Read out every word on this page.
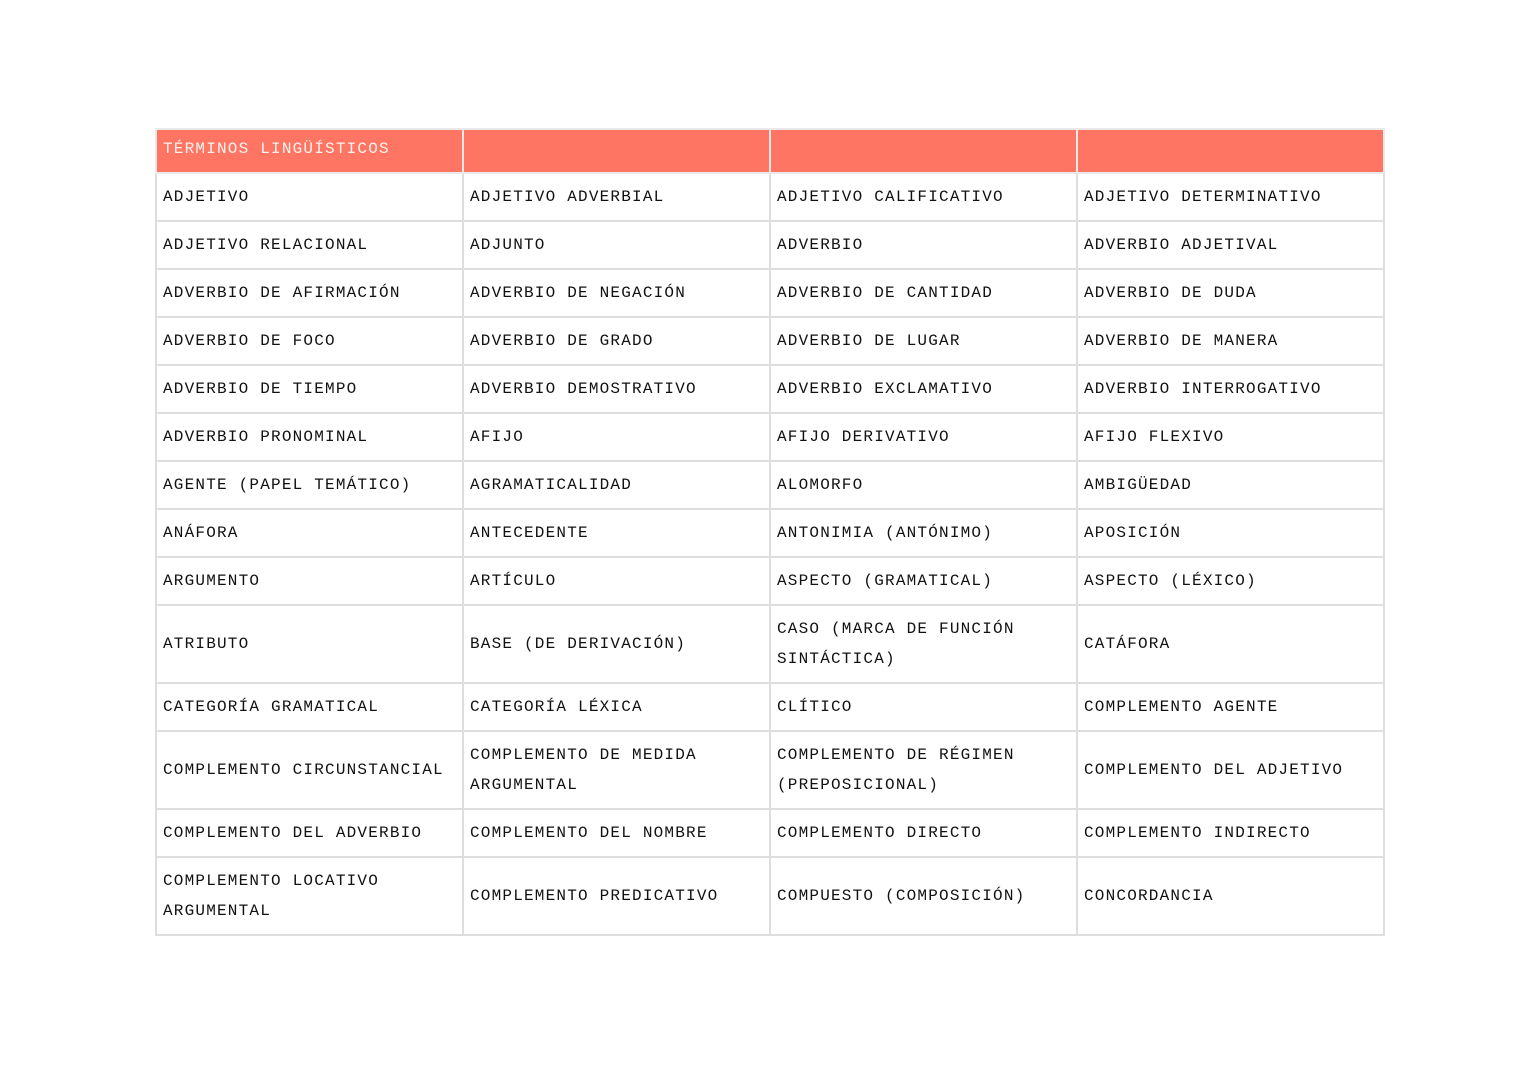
TÉRMINOS LINGÜÍSTICOS			
ADJETIVO	ADJETIVO ADVERBIAL	ADJETIVO CALIFICATIVO	ADJETIVO DETERMINATIVO
ADJETIVO RELACIONAL	ADJUNTO	ADVERBIO	ADVERBIO ADJETIVAL
ADVERBIO DE AFIRMACIÓN	ADVERBIO DE NEGACIÓN	ADVERBIO DE CANTIDAD	ADVERBIO DE DUDA
ADVERBIO DE FOCO	ADVERBIO DE GRADO	ADVERBIO DE LUGAR	ADVERBIO DE MANERA
ADVERBIO DE TIEMPO	ADVERBIO DEMOSTRATIVO	ADVERBIO EXCLAMATIVO	ADVERBIO INTERROGATIVO
ADVERBIO PRONOMINAL	AFIJO	AFIJO DERIVATIVO	AFIJO FLEXIVO
AGENTE (PAPEL TEMÁTICO)	AGRAMATICALIDAD	ALOMORFO	AMBIGÜEDAD
ANÁFORA	ANTECEDENTE	ANTONIMIA (ANTÓNIMO)	APOSICIÓN
ARGUMENTO	ARTÍCULO	ASPECTO (GRAMATICAL)	ASPECTO (LÉXICO)
ATRIBUTO	BASE (DE DERIVACIÓN)	CASO (MARCA DE FUNCIÓN SINTÁCTICA)	CATÁFORA
CATEGORÍA GRAMATICAL	CATEGORÍA LÉXICA	CLÍTICO	COMPLEMENTO AGENTE
COMPLEMENTO CIRCUNSTANCIAL	COMPLEMENTO DE MEDIDA ARGUMENTAL	COMPLEMENTO DE RÉGIMEN (PREPOSICIONAL)	COMPLEMENTO DEL ADJETIVO
COMPLEMENTO DEL ADVERBIO	COMPLEMENTO DEL NOMBRE	COMPLEMENTO DIRECTO	COMPLEMENTO INDIRECTO
COMPLEMENTO LOCATIVO ARGUMENTAL	COMPLEMENTO PREDICATIVO	COMPUESTO (COMPOSICIÓN)	CONCORDANCIA
